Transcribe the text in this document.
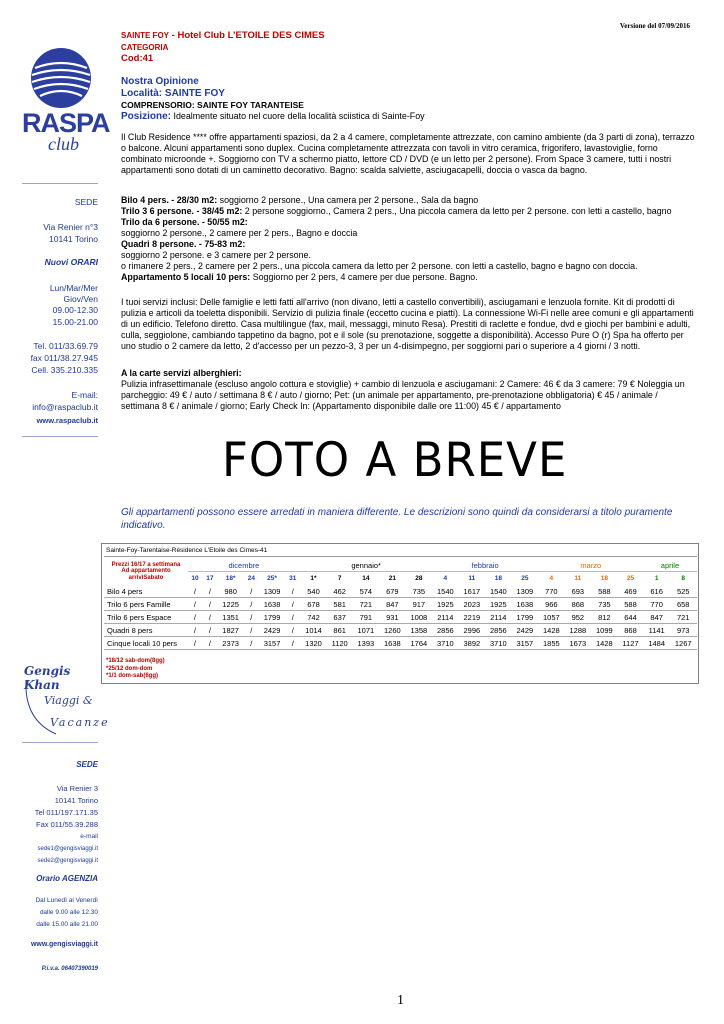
Versione del 07/09/2016
RASPA
club
SEDE
Via Renier n°3
10141 Torino
Nuovi ORARI
Lun/Mar/Mer
Giov/Ven
09.00-12.30
15.00-21.00
Tel. 011/33.69.79
fax 011/38.27.945
Cell. 335.210.335
E-mail:
info@raspaclub.it
www.raspaclub.it
Gengis Khan
Viaggi &
Vacanze
SEDE
Via Renier 3
10141 Torino
Tel 011/197.171.35
Fax 011/55.39.288
e-mail
sede1@gengisviaggi.it
sede2@gengisviaggi.it
Orario AGENZIA
Dal Lunedì al Venerdì
dalle 9.00 alle 12.30
dalle 15.00 alle 21.00
www.gengisviaggi.it
P.i.v.a. 06407390019
SAINTE FOY - Hotel Club L’ETOILE DES CIMES
CATEGORIA
Cod:41
Nostra Opinione
Località: SAINTE FOY
COMPRENSORIO: SAINTE FOY TARANTEISE
Posizione: Idealmente situato nel cuore della località sciistica di Sainte-Foy
Il Club Residence **** offre appartamenti spaziosi, da 2 a 4 camere, completamente attrezzate, con camino ambiente (da 3 parti di zona), terrazzo o balcone. Alcuni appartamenti sono duplex. Cucina completamente attrezzata con tavoli in vitro ceramica, frigorifero, lavastoviglie, forno combinato microonde +. Soggiorno con TV a schermo piatto, lettore CD / DVD (e un letto per 2 persone). From Space 3 camere, tutti i nostri appartamenti sono dotati di un caminetto decorativo. Bagno: scalda salviette, asciugacapelli, doccia o vasca da bagno.

Bilo 4 pers. - 28/30 m2: soggiorno 2 persone., Una camera per 2 persone., Sala da bagno

Trilo 3 6 persone. - 38/45 m2: 2 persone soggiorno., Camera 2 pers., Una piccola camera da letto per 2 persone. con letti a castello, bagno

Trilo da 6 persone. - 50/55 m2:

soggiorno 2 persone., 2 camere per 2 pers., Bagno e doccia

Quadri 8 persone. - 75-83 m2:

soggiorno 2 persone. e 3 camere per 2 persone.

o rimanere 2 pers., 2 camere per 2 pers., una piccola camera da letto per 2 persone. con letti a castello, bagno e bagno con doccia.

Appartamento 5 locali 10 pers: Soggiorno per 2 pers, 4 camere per due persone. Bagno.

I tuoi servizi inclusi: Delle famiglie e letti fatti all'arrivo (non divano, letti a castello convertibili), asciugamani e lenzuola fornite. Kit di prodotti di pulizia e articoli da toeletta disponibili. Servizio di pulizia finale (eccetto cucina e piatti). La connessione Wi-Fi nelle aree comuni e gli appartamenti di un edificio. Telefono diretto. Casa multilingue (fax, mail, messaggi, minuto Resa). Prestiti di raclette e fondue, dvd e giochi per bambini e adulti, culla, seggiolone, cambiando tappetino da bagno, pot e il sole (su prenotazione, soggette a disponibilità). Accesso Pure O (r) Spa ha offerto per uno studio o 2 camere da letto, 2 d'accesso per un pezzo-3, 3 per un 4-disimpegno, per soggiorni pari o superiore a 4 giorni / 3 notti.
A la carte servizi alberghieri:
Pulizia infrasettimanale (escluso angolo cottura e stoviglie) + cambio di lenzuola e asciugamani: 2 Camere: 46 € da 3 camere: 79 € Noleggia un parcheggio: 49 € / auto / settimana 8 € / auto / giorno; Pet: (un animale per appartamento, pre-prenotazione obbligatoria) € 45 / animale / settimana 8 € / animale / giorno; Early Check In: (Appartamento disponibile dalle ore 11:00) 45 € / appartamento
FOTO A BREVE
Gli appartamenti possono essere arredati in maniera differente. Le descrizioni sono quindi da considerarsi a titolo puramente indicativo.
Sainte-Foy-Tarentaise-Résidence L'Etoile des Cimes-41
Prezzi 16/17 a settimana Ad appartamento arrivìSabato	dicembre						gennaio*					febbraio				marzo				aprile	
	10	17	18*	24	25*	31	1*	7	14	21	28	4	11	18	25	4	11	18	25	1	8
Bilo 4 pers	/	/	980	/	1309	/	540	462	574	679	735	1540	1617	1540	1309	770	693	588	469	616	525
Trilo 6 pers Famille	/	/	1225	/	1638	/	678	581	721	847	917	1925	2023	1925	1638	966	868	735	588	770	658
Trilo 6 pers Espace	/	/	1351	/	1799	/	742	637	791	931	1008	2114	2219	2114	1799	1057	952	812	644	847	721
Quadri 8 pers	/	/	1827	/	2429	/	1014	861	1071	1260	1358	2856	2996	2856	2429	1428	1288	1099	868	1141	973
Cinque locali 10 pers	/	/	2373	/	3157	/	1320	1120	1393	1638	1764	3710	3892	3710	3157	1855	1673	1428	1127	1484	1267
*18/12 sab-dom(8gg)
*25/12 dom-dom
*1/1 dom-sab(6gg)
1
